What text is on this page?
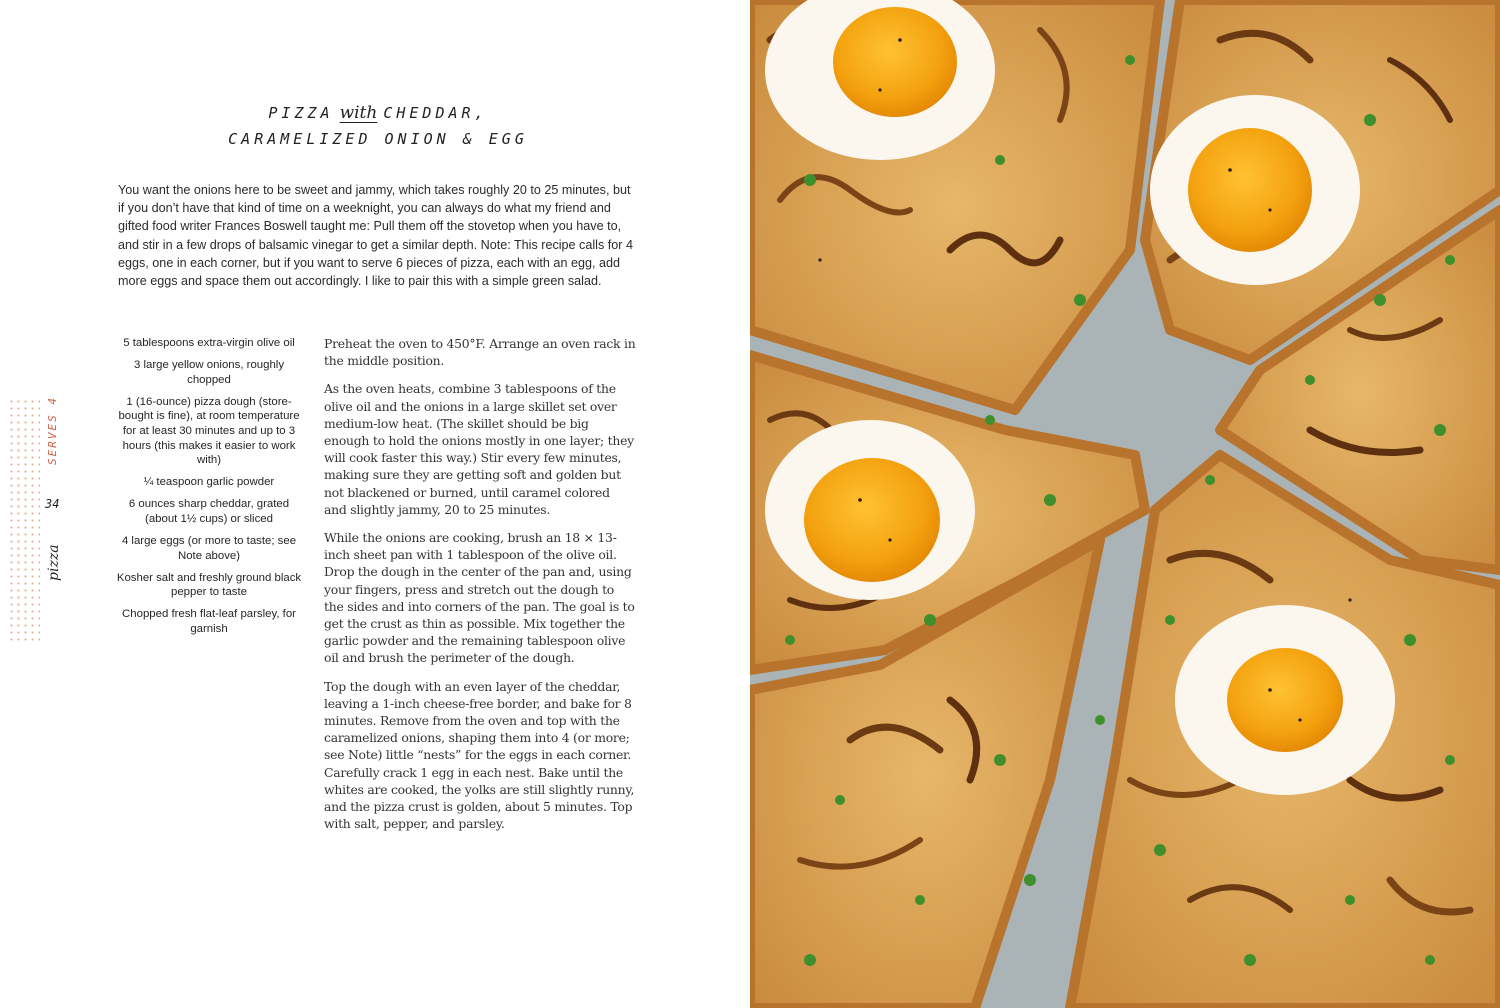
PIZZA with CHEDDAR,
CARAMELIZED ONION & EGG

You want the onions here to be sweet and jammy, which takes roughly 20 to 25 minutes, but if you don’t have that kind of time on a weeknight, you can always do what my friend and gifted food writer Frances Boswell taught me: Pull them off the stovetop when you have to, and stir in a few drops of balsamic vinegar to get a similar depth. Note: This recipe calls for 4 eggs, one in each corner, but if you want to serve 6 pieces of pizza, each with an egg, add more eggs and space them out accordingly. I like to pair this with a simple green salad.

5 tablespoons extra-virgin olive oil
3 large yellow onions, roughly chopped
1 (16-ounce) pizza dough (store-bought is fine), at room temperature for at least 30 minutes and up to 3 hours (this makes it easier to work with)
¼ teaspoon garlic powder
6 ounces sharp cheddar, grated (about 1½ cups) or sliced
4 large eggs (or more to taste; see Note above)
Kosher salt and freshly ground black pepper to taste
Chopped fresh flat-leaf parsley, for garnish

Preheat the oven to 450°F. Arrange an oven rack in the middle position.

As the oven heats, combine 3 tablespoons of the olive oil and the onions in a large skillet set over medium-low heat. (The skillet should be big enough to hold the onions mostly in one layer; they will cook faster this way.) Stir every few minutes, making sure they are getting soft and golden but not blackened or burned, until caramel colored and slightly jammy, 20 to 25 minutes.

While the onions are cooking, brush an 18 × 13-inch sheet pan with 1 tablespoon of the olive oil. Drop the dough in the center of the pan and, using your fingers, press and stretch out the dough to the sides and into corners of the pan. The goal is to get the crust as thin as possible. Mix together the garlic powder and the remaining tablespoon olive oil and brush the perimeter of the dough.

Top the dough with an even layer of the cheddar, leaving a 1-inch cheese-free border, and bake for 8 minutes. Remove from the oven and top with the caramelized onions, shaping them into 4 (or more; see Note) little “nests” for the eggs in each corner. Carefully crack 1 egg in each nest. Bake until the whites are cooked, the yolks are still slightly runny, and the pizza crust is golden, about 5 minutes. Top with salt, pepper, and parsley.

SERVES 4
34
pizza
